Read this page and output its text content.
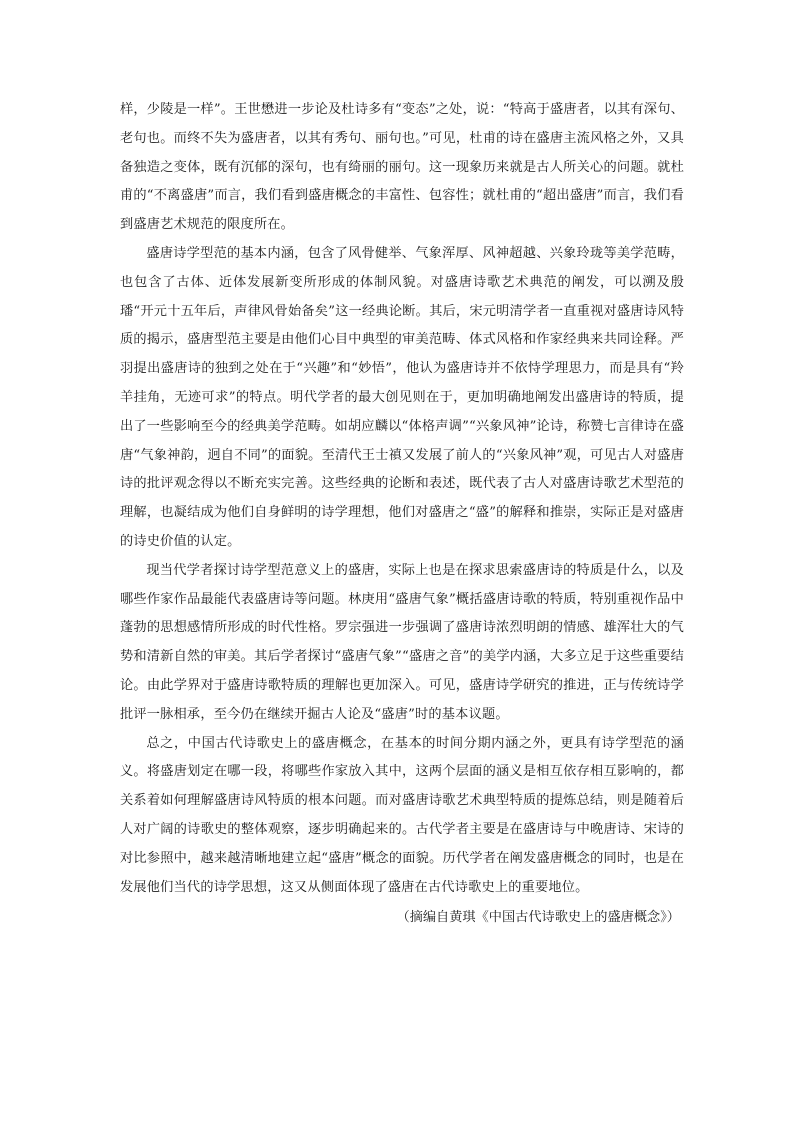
样，少陵是一样”。王世懋进一步论及杜诗多有“变态”之处，说：“特高于盛唐者，以其有深句、老句也。而终不失为盛唐者，以其有秀句、丽句也。”可见，杜甫的诗在盛唐主流风格之外，又具备独造之变体，既有沉郁的深句，也有绮丽的丽句。这一现象历来就是古人所关心的问题。就杜甫的“不离盛唐”而言，我们看到盛唐概念的丰富性、包容性；就杜甫的“超出盛唐”而言，我们看到盛唐艺术规范的限度所在。

盛唐诗学型范的基本内涵，包含了风骨健举、气象浑厚、风神超越、兴象玲珑等美学范畴，也包含了古体、近体发展新变所形成的体制风貌。对盛唐诗歌艺术典范的阐发，可以溯及殷璠“开元十五年后，声律风骨始备矣”这一经典论断。其后，宋元明清学者一直重视对盛唐诗风特质的揭示，盛唐型范主要是由他们心目中典型的审美范畴、体式风格和作家经典来共同诠释。严羽提出盛唐诗的独到之处在于“兴趣”和“妙悟”，他认为盛唐诗并不依恃学理思力，而是具有“羚羊挂角，无迹可求”的特点。明代学者的最大创见则在于，更加明确地阐发出盛唐诗的特质，提出了一些影响至今的经典美学范畴。如胡应麟以“体格声调”“兴象风神”论诗，称赞七言律诗在盛唐“气象神韵，迥自不同”的面貌。至清代王士禛又发展了前人的“兴象风神”观，可见古人对盛唐诗的批评观念得以不断充实完善。这些经典的论断和表述，既代表了古人对盛唐诗歌艺术型范的理解，也凝结成为他们自身鲜明的诗学理想，他们对盛唐之“盛”的解释和推崇，实际正是对盛唐的诗史价值的认定。

现当代学者探讨诗学型范意义上的盛唐，实际上也是在探求思索盛唐诗的特质是什么，以及哪些作家作品最能代表盛唐诗等问题。林庚用“盛唐气象”概括盛唐诗歌的特质，特别重视作品中蓬勃的思想感情所形成的时代性格。罗宗强进一步强调了盛唐诗浓烈明朗的情感、雄浑壮大的气势和清新自然的审美。其后学者探讨“盛唐气象”“盛唐之音”的美学内涵，大多立足于这些重要结论。由此学界对于盛唐诗歌特质的理解也更加深入。可见，盛唐诗学研究的推进，正与传统诗学批评一脉相承，至今仍在继续开掘古人论及“盛唐”时的基本议题。

总之，中国古代诗歌史上的盛唐概念，在基本的时间分期内涵之外，更具有诗学型范的涵义。将盛唐划定在哪一段，将哪些作家放入其中，这两个层面的涵义是相互依存相互影响的，都关系着如何理解盛唐诗风特质的根本问题。而对盛唐诗歌艺术典型特质的提炼总结，则是随着后人对广阔的诗歌史的整体观察，逐步明确起来的。古代学者主要是在盛唐诗与中晚唐诗、宋诗的对比参照中，越来越清晰地建立起“盛唐”概念的面貌。历代学者在阐发盛唐概念的同时，也是在发展他们当代的诗学思想，这又从侧面体现了盛唐在古代诗歌史上的重要地位。

（摘编自黄琪《中国古代诗歌史上的盛唐概念》）
